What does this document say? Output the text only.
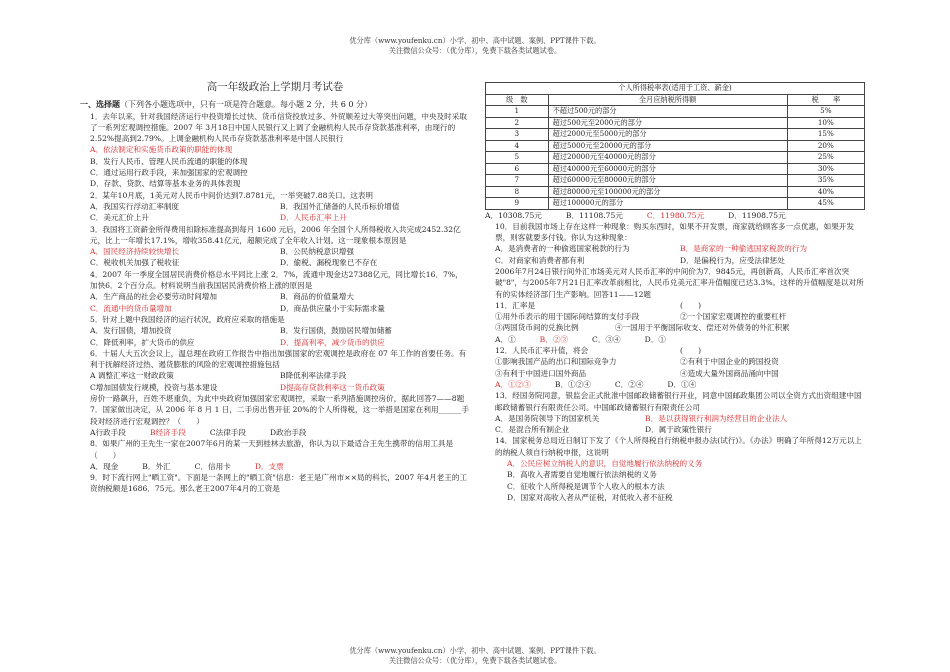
优分库（www.youfenku.cn）小学、初中、高中试题、案例、PPT课件下载。
关注微信公众号：（优分库），免费下载各类试题试卷。
高一年级政治上学期月考试卷

一、选择题（下列各小题选项中，只有一项是符合题意。每小题 2 分，共 6 0 分）

1．去年以来，针对我国经济运行中投资增长过快、货币信贷投放过多、外贸顺差过大等突出问题，中央及时采取了一系列宏观调控措施。2007 年 3月18日中国人民银行又上调了金融机构人民币存贷款基准利率，由现行的 2.52%提高到2.79%。上调金融机构人民币存贷款基准利率是中国人民银行

A．依法制定和实施货币政策的职能的体现

B．发行人民币、管理人民币流通的职能的体现

C．通过运用行政手段，来加强国家的宏观调控

D．存款、贷款、结算等基本业务的具体表现

2．某年10月底，1美元对人民币中间价达到7.8781元，一举突破7.88关口。这表明

A．我国实行浮动汇率制度	B．我国外汇储备的人民币标价增值
C．美元汇价上升	D．人民币汇率上升

3．我国将工资薪金所得费用扣除标准提高到每月 1600 元后，2006 年全国个人所得税收入共完成2452.32亿元，比上一年增长17.1%，增收358.41亿元，超额完成了全年收入计划。这一现象根本原因是

A．国民经济持续较快增长	B．公民纳税意识增强
C．税收机关加强了税收征	D．偷税、漏税现象已不存在

4．2007 年一季度全国居民消费价格总水平同比上涨 2．7%，流通中现金达27388亿元，同比增长16．7%，加快6．2个百分点。材料说明当前我国居民消费价格上涨的原因是

A．生产商品的社会必要劳动时间增加	B．商品的价值量增大
C．流通中的货币量增加	D．商品供应量小于实际需求量

5．针对上题中我国经济的运行状况，政府应采取的措施是

A．发行国债，增加投资	B．发行国债，鼓励居民增加储蓄
C．降低利率，扩大货币的供应	D．提高利率，减少货币的供应

6．十届人大五次会议上，温总理在政府工作报告中指出加强国家的宏观调控是政府在 07 年工作的首要任务。有利于抚解经济过热、遏货膨胀的风险的宏观调控措施包括

A 调整汇率这一财政政策	B降低利率法律手段
C增加国债发行规模，投资与基本建设	D提高存贷款利率这一货币政策

房价一路飙升，百姓不堪重负，为此中央政府加强国家宏观调控，采取一系列措施调控房价，据此回答7——8题

7．国家做出决定，从 2006 年 8 月 1 日，二手房出售开征 20%的个人所得税，这一举措是国家在利用______手段对经济进行宏观调控？（　　）

A行政手段	B经济手段	C法律手段	D政治手段

8．如果广州的王先生一家在2007年6月的某一天到桂林去旅游，你认为以下最适合王先生携带的信用工具是（　　）

A．现金	B．外汇	C．信用卡	D．支票

9．时下流行网上"晒工资"。下面是一条网上的"晒工资"信息：老王是广州市××局的科长，2007 年4月老王的工资纳税额是1686．75元。那么老王2007年4月的工资是

个人所得税率表(适用于工资、薪金)		
级　数	全月应纳税所得额	税　　率
1	不超过500元的部分	5%
2	超过500元至2000元的部分	10%
3	超过2000元至5000元的部分	15%
4	超过5000元至20000元的部分	20%
5	超过20000元至40000元的部分	25%
6	超过40000元至60000元的部分	30%
7	超过60000元至80000元的部分	35%
8	超过80000元至100000元的部分	40%
9	超过100000元的部分	45%
A．10308.75元	B．11108.75元	C．11980.75元	D．11908.75元

10．目前我国市场上存在这样一种现象：购买东西时，如果不开发票，商家就给顾客多一点优惠，如果开发票，则客就要多付钱。你认为这种现象：

A．是消费者的一种偷逃国家税款的行为	B．是商家的一种偷逃国家税款的行为
C．对商家和消费者都有利	D．是偏税行为，应受法律惩处

2006年7月24日银行间外汇市场美元对人民币汇率的中间价为7．9845元，再创新高，人民币汇率首次突破"8"，与2005年7月21日汇率改革前相比，人民币兑美元汇率升值幅度已达3.3%。这样的升值幅度是以对所有的实体经济部门生产影响。回答11——12题

11．汇率是	(　　)
①用外币表示的用于国际间结算的支付手段	②一个国家宏观调控的重要杠杆
③两国货币间的兑换比例	④一国用于平衡国际收支、偿还对外债务的外汇积累
A．①	B．②③	C．③④	D．①
12．人民币汇率升值，将会	(　　)
①影响我国产品的出口和国际竞争力	②有利于中国企业的跨国投资
③有利于中国进口国外商品	④造成大量外国商品涌向中国
A．①②③	B．①②④	C．②④	D．①④

13．经国务院同意，银监会正式批准中国邮政储蓄银行开业，同意中国邮政集团公司以全资方式出资组建中国邮政储蓄银行有限责任公司。中国邮政储蓄银行有限责任公司

A．是国务院领导下的国家机关	B．是以获得银行利润为经营目的企业法人
C．是混合所有制企业	D．属于政策性银行

14．国家税务总局近日制订下发了《个人所得税自行纳税申报办法(试行)》。《办法》明确了年所得12万元以上的纳税人须自行纳税申报，这说明

A．公民应树立纳税人的意识，自觉地履行依法纳税的义务

B．高收入者需要自觉地履行依法纳税的义务

C．征收个人所得税是调节个人收入的根本方法

D．国家对高收入者从严征税，对低收入者不征税

优分库（www.youfenku.cn）小学、初中、高中试题、案例、PPT课件下载。
关注微信公众号：（优分库），免费下载各类试题试卷。
